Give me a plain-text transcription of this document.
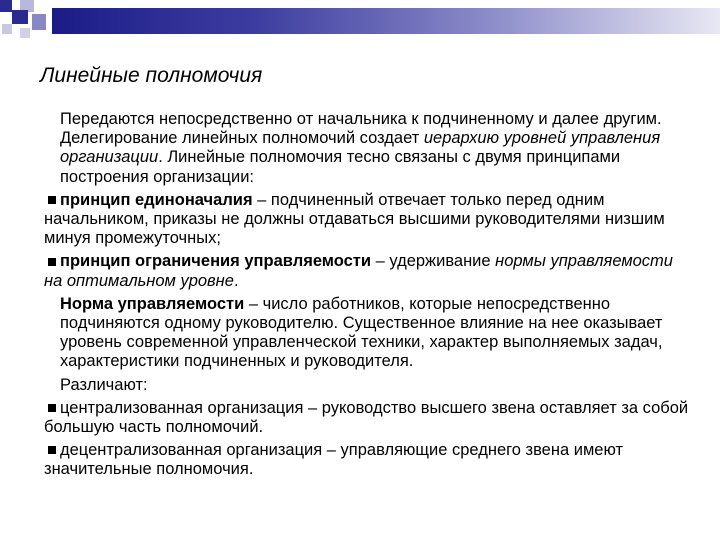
Линейные полномочия

Передаются непосредственно от начальника к подчиненному и далее другим. Делегирование линейных полномочий создает иерархию уровней управления организации. Линейные полномочия тесно связаны с двумя принципами построения организации:

принцип единоначалия – подчиненный отвечает только перед одним начальником, приказы не должны отдаваться высшими руководителями низшим минуя промежуточных;

принцип ограничения управляемости – удерживание нормы управляемости на оптимальном уровне.

Норма управляемости – число работников, которые непосредственно подчиняются одному руководителю. Существенное влияние на нее оказывает уровень современной управленческой техники, характер выполняемых задач, характеристики подчиненных и руководителя.

Различают:

централизованная организация – руководство высшего звена оставляет за собой большую часть полномочий.

децентрализованная организация – управляющие среднего звена имеют значительные полномочия.
